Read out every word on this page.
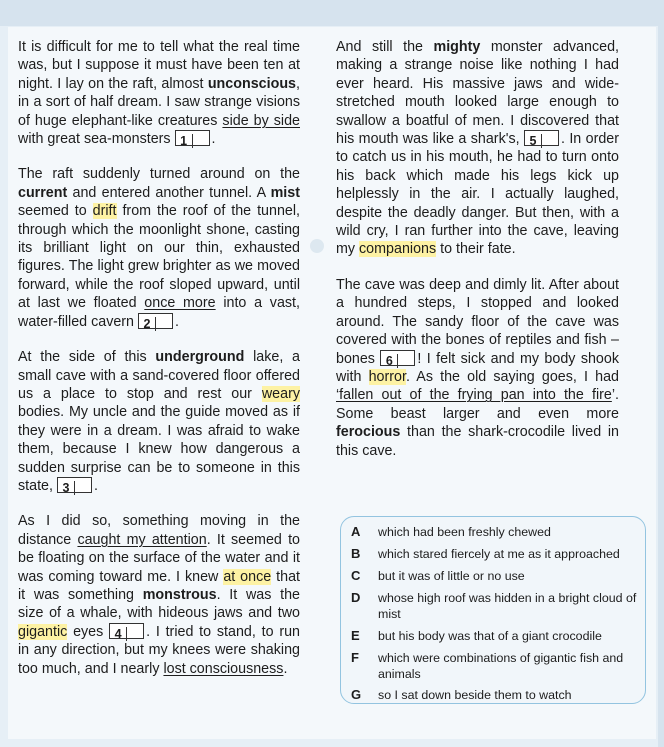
It is difficult for me to tell what the real time was, but I suppose it must have been ten at night. I lay on the raft, almost unconscious, in a sort of half dream. I saw strange visions of huge elephant-like creatures side by side with great sea-monsters 1 .

The raft suddenly turned around on the current and entered another tunnel. A mist seemed to drift from the roof of the tunnel, through which the moonlight shone, casting its brilliant light on our thin, exhausted figures. The light grew brighter as we moved forward, while the roof sloped upward, until at last we floated once more into a vast, water-filled cavern 2 .

At the side of this underground lake, a small cave with a sand-covered floor offered us a place to stop and rest our weary bodies. My uncle and the guide moved as if they were in a dream. I was afraid to wake them, because I knew how dangerous a sudden surprise can be to someone in this state, 3 .

As I did so, something moving in the distance caught my attention. It seemed to be floating on the surface of the water and it was coming toward me. I knew at once that it was something monstrous. It was the size of a whale, with hideous jaws and two gigantic eyes 4 . I tried to stand, to run in any direction, but my knees were shaking too much, and I nearly lost consciousness.

And still the mighty monster advanced, making a strange noise like nothing I had ever heard. His massive jaws and wide-stretched mouth looked large enough to swallow a boatful of men. I discovered that his mouth was like a shark's, 5 . In order to catch us in his mouth, he had to turn onto his back which made his legs kick up helplessly in the air. I actually laughed, despite the deadly danger. But then, with a wild cry, I ran further into the cave, leaving my companions to their fate.

The cave was deep and dimly lit. After about a hundred steps, I stopped and looked around. The sandy floor of the cave was covered with the bones of reptiles and fish – bones 6 ! I felt sick and my body shook with horror. As the old saying goes, I had ‘fallen out of the frying pan into the fire’. Some beast larger and even more ferocious than the shark-crocodile lived in this cave.

A which had been freshly chewed
B which stared fiercely at me as it approached
C but it was of little or no use
D whose high roof was hidden in a bright cloud of mist
E but his body was that of a giant crocodile
F which were combinations of gigantic fish and animals
G so I sat down beside them to watch
